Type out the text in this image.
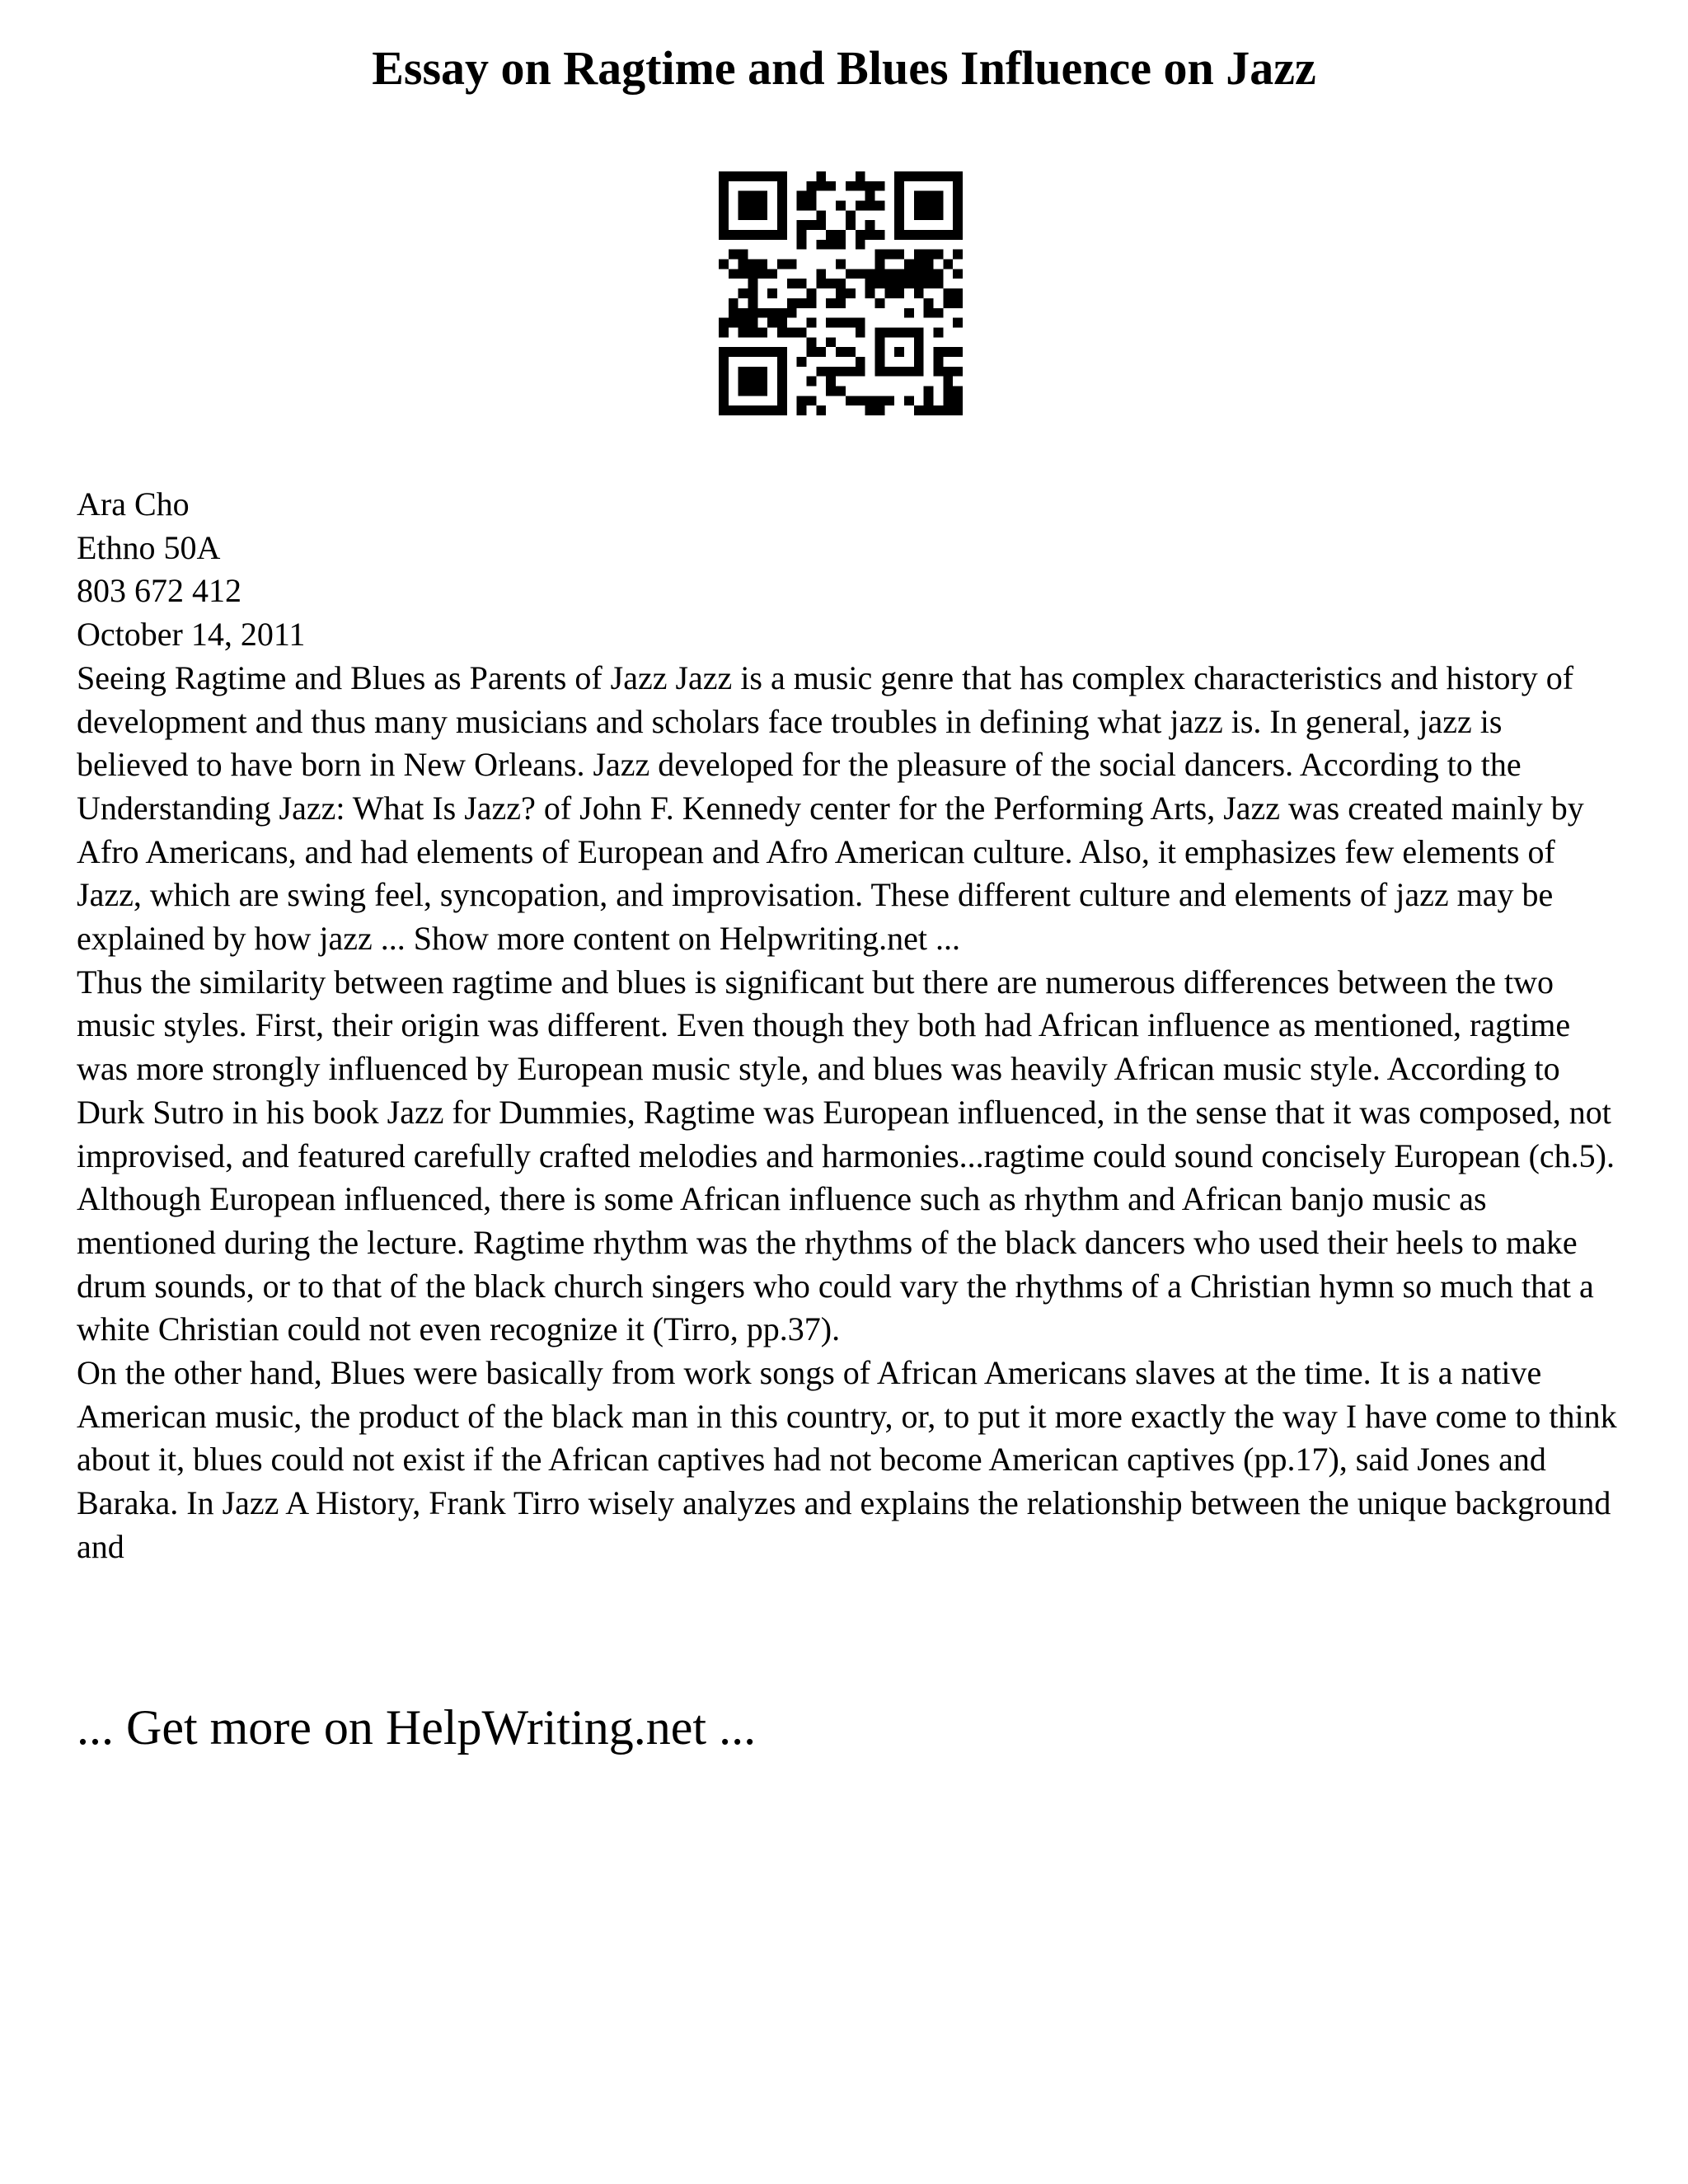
Essay on Ragtime and Blues Influence on Jazz

Ara Cho

Ethno 50A

803 672 412

October 14, 2011

Seeing Ragtime and Blues as Parents of Jazz Jazz is a music genre that has complex characteristics and history of development and thus many musicians and scholars face troubles in defining what jazz is. In general, jazz is believed to have born in New Orleans. Jazz developed for the pleasure of the social dancers. According to the Understanding Jazz: What Is Jazz? of John F. Kennedy center for the Performing Arts, Jazz was created mainly by Afro Americans, and had elements of European and Afro American culture. Also, it emphasizes few elements of Jazz, which are swing feel, syncopation, and improvisation. These different culture and elements of jazz may be explained by how jazz ... Show more content on Helpwriting.net ...

Thus the similarity between ragtime and blues is significant but there are numerous differences between the two music styles. First, their origin was different. Even though they both had African influence as mentioned, ragtime was more strongly influenced by European music style, and blues was heavily African music style. According to Durk Sutro in his book Jazz for Dummies, Ragtime was European influenced, in the sense that it was composed, not improvised, and featured carefully crafted melodies and harmonies...ragtime could sound concisely European (ch.5). Although European influenced, there is some African influence such as rhythm and African banjo music as mentioned during the lecture. Ragtime rhythm was the rhythms of the black dancers who used their heels to make drum sounds, or to that of the black church singers who could vary the rhythms of a Christian hymn so much that a white Christian could not even recognize it (Tirro, pp.37).

On the other hand, Blues were basically from work songs of African Americans slaves at the time. It is a native American music, the product of the black man in this country, or, to put it more exactly the way I have come to think about it, blues could not exist if the African captives had not become American captives (pp.17), said Jones and Baraka. In Jazz A History, Frank Tirro wisely analyzes and explains the relationship between the unique background and

... Get more on HelpWriting.net ...
